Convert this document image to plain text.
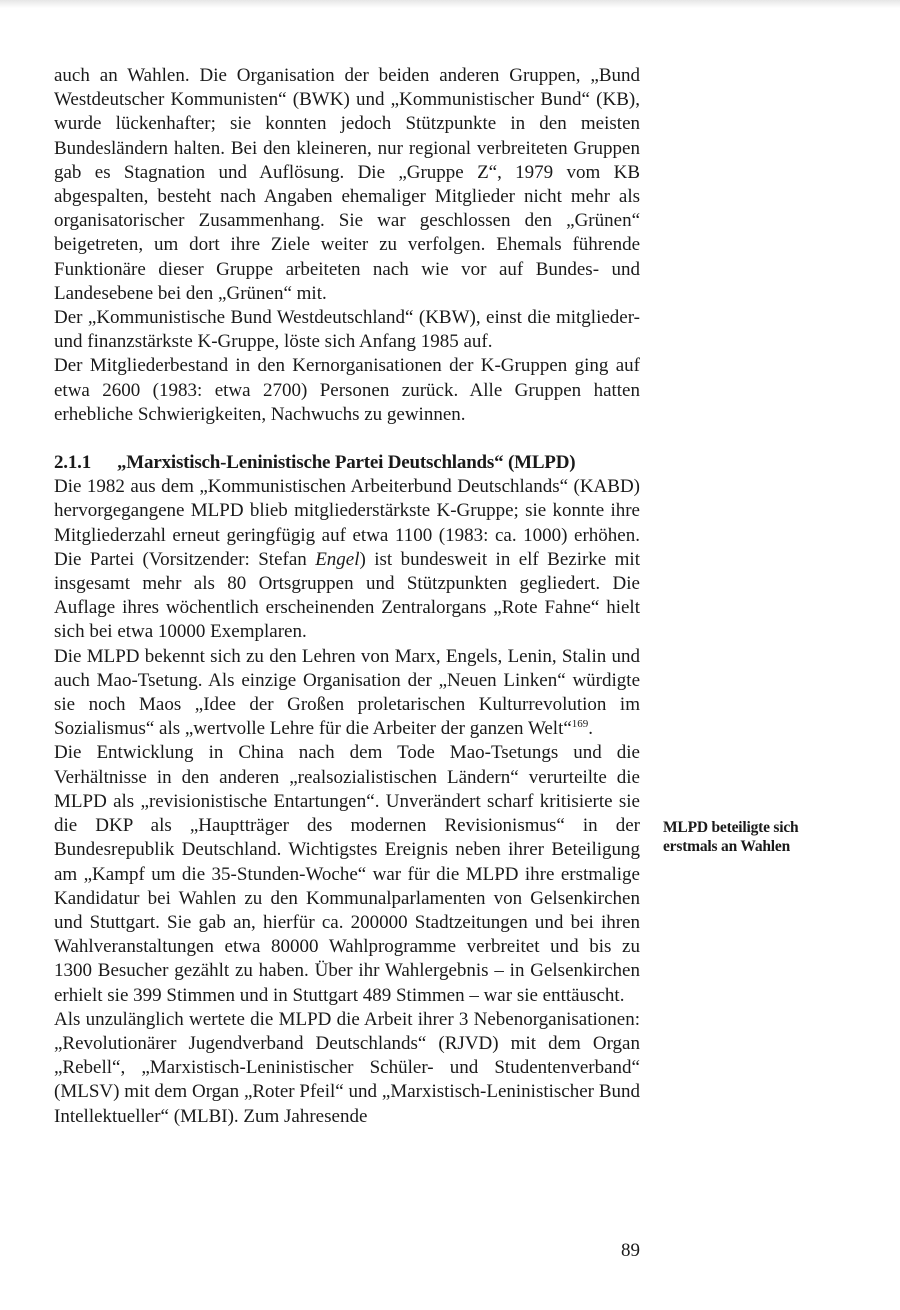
auch an Wahlen. Die Organisation der beiden anderen Gruppen, „Bund Westdeutscher Kommunisten“ (BWK) und „Kommunistischer Bund“ (KB), wurde lückenhafter; sie konnten jedoch Stützpunkte in den meisten Bundesländern halten. Bei den kleineren, nur regional verbreiteten Gruppen gab es Stagnation und Auflösung. Die „Gruppe Z“, 1979 vom KB abgespalten, besteht nach Angaben ehemaliger Mitglieder nicht mehr als organisatorischer Zusammenhang. Sie war geschlossen den „Grünen“ beigetreten, um dort ihre Ziele weiter zu verfolgen. Ehemals führende Funktionäre dieser Gruppe arbeiteten nach wie vor auf Bundes- und Landesebene bei den „Grünen“ mit.

Der „Kommunistische Bund Westdeutschland“ (KBW), einst die mitglieder- und finanzstärkste K-Gruppe, löste sich Anfang 1985 auf.

Der Mitgliederbestand in den Kernorganisationen der K-Gruppen ging auf etwa 2600 (1983: etwa 2700) Personen zurück. Alle Gruppen hatten erhebliche Schwierigkeiten, Nachwuchs zu gewinnen.

2.1.1 „Marxistisch-Leninistische Partei Deutschlands“ (MLPD)

Die 1982 aus dem „Kommunistischen Arbeiterbund Deutschlands“ (KABD) hervorgegangene MLPD blieb mitgliederstärkste K-Gruppe; sie konnte ihre Mitgliederzahl erneut geringfügig auf etwa 1100 (1983: ca. 1000) erhöhen. Die Partei (Vorsitzender: Stefan Engel) ist bundesweit in elf Bezirke mit insgesamt mehr als 80 Ortsgruppen und Stützpunkten gegliedert. Die Auflage ihres wöchentlich erscheinenden Zentralorgans „Rote Fahne“ hielt sich bei etwa 10000 Exemplaren.

Die MLPD bekennt sich zu den Lehren von Marx, Engels, Lenin, Stalin und auch Mao-Tsetung. Als einzige Organisation der „Neuen Linken“ würdigte sie noch Maos „Idee der Großen proletarischen Kulturrevolution im Sozialismus“ als „wertvolle Lehre für die Arbeiter der ganzen Welt“$^{169}$.

Die Entwicklung in China nach dem Tode Mao-Tsetungs und die Verhältnisse in den anderen „realsozialistischen Ländern“ verurteilte die MLPD als „revisionistische Entartungen“. Unverändert scharf kritisierte sie die DKP als „Hauptträger des modernen Revisionismus“ in der Bundesrepublik Deutschland. Wichtigstes Ereignis neben ihrer Beteiligung am „Kampf um die 35-Stunden-Woche“ war für die MLPD ihre erstmalige Kandidatur bei Wahlen zu den Kommunalparlamenten von Gelsenkirchen und Stuttgart. Sie gab an, hierfür ca. 200000 Stadtzeitungen und bei ihren Wahlveranstaltungen etwa 80000 Wahlprogramme verbreitet und bis zu 1300 Besucher gezählt zu haben. Über ihr Wahlergebnis – in Gelsenkirchen erhielt sie 399 Stimmen und in Stuttgart 489 Stimmen – war sie enttäuscht.

Als unzulänglich wertete die MLPD die Arbeit ihrer 3 Nebenorganisationen: „Revolutionärer Jugendverband Deutschlands“ (RJVD) mit dem Organ „Rebell“, „Marxistisch-Leninistischer Schüler- und Studentenverband“ (MLSV) mit dem Organ „Roter Pfeil“ und „Marxistisch-Leninistischer Bund Intellektueller“ (MLBI). Zum Jahresende

MLPD beteiligte sich erstmals an Wahlen
89
